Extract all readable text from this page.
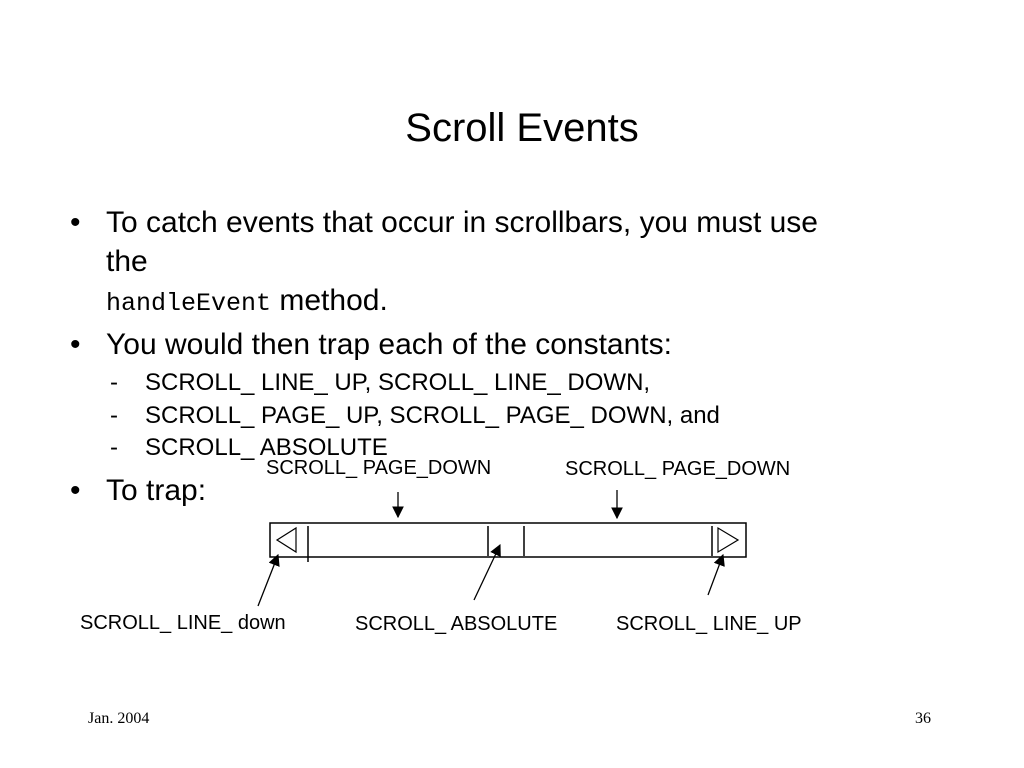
Scroll Events
• To catch events that occur in scrollbars, you must use
the
handleEvent method.
• You would then trap each of the constants:
- SCROLL_ LINE_ UP, SCROLL_ LINE_ DOWN,
- SCROLL_ PAGE_ UP, SCROLL_ PAGE_ DOWN, and
- SCROLL_ ABSOLUTE
• To trap:
SCROLL_ PAGE_DOWN	SCROLL_ PAGE_DOWN
SCROLL_ LINE_ down	SCROLL_ ABSOLUTE	SCROLL_ LINE_ UP
Jan. 2004	36
